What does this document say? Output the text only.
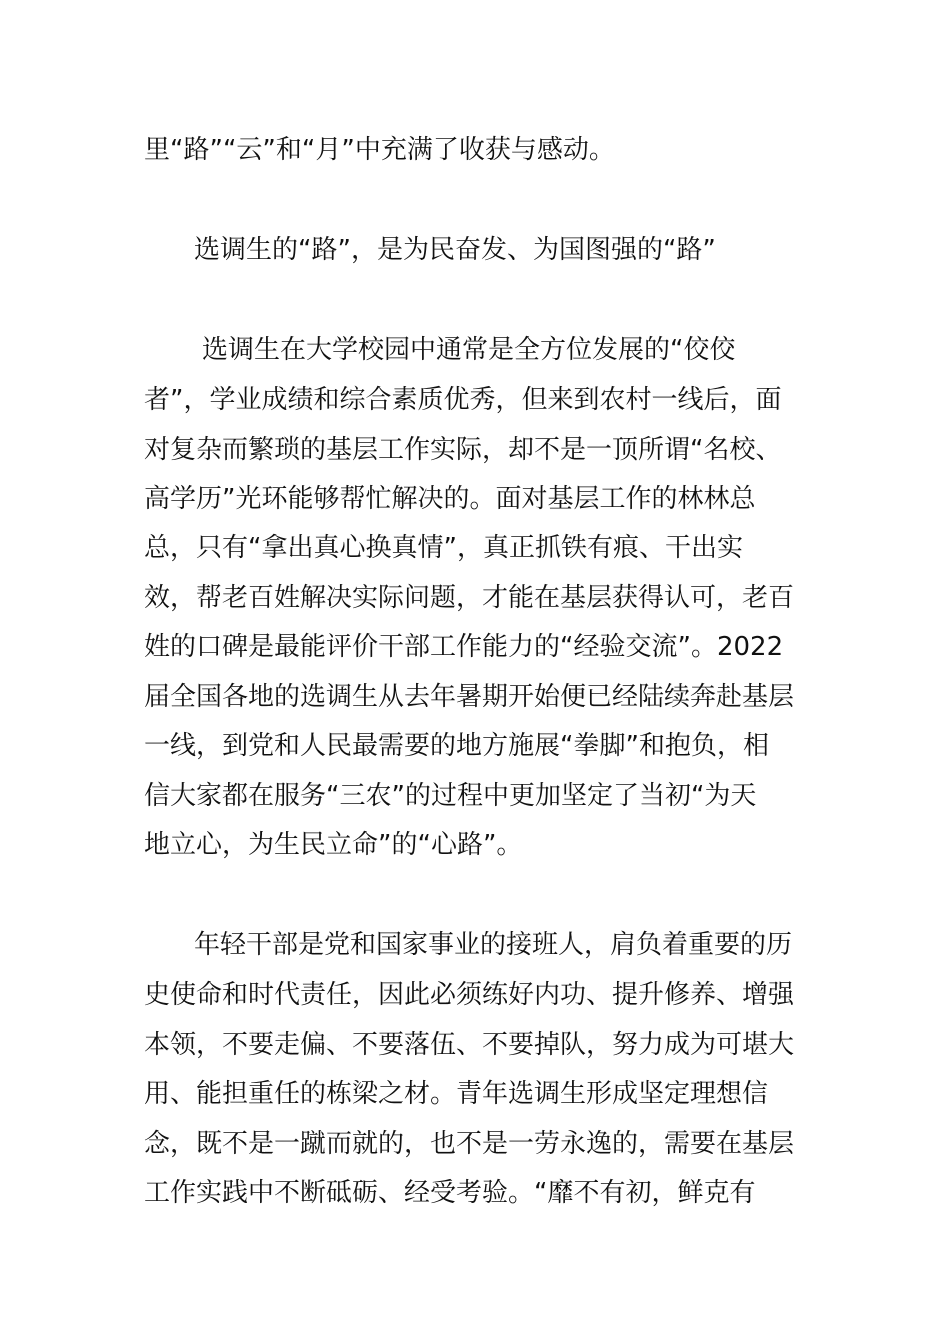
里“路”“云”和“月”中充满了收获与感动。
选调生的“路”，是为民奋发、为国图强的“路”
选调生在大学校园中通常是全方位发展的“佼佼
者”，学业成绩和综合素质优秀，但来到农村一线后，面
对复杂而繁琐的基层工作实际，却不是一顶所谓“名校、
高学历”光环能够帮忙解决的。面对基层工作的林林总
总，只有“拿出真心换真情”，真正抓铁有痕、干出实
效，帮老百姓解决实际问题，才能在基层获得认可，老百
姓的口碑是最能评价干部工作能力的“经验交流”。2022
届全国各地的选调生从去年暑期开始便已经陆续奔赴基层
一线，到党和人民最需要的地方施展“拳脚”和抱负，相
信大家都在服务“三农”的过程中更加坚定了当初“为天
地立心，为生民立命”的“心路”。
年轻干部是党和国家事业的接班人，肩负着重要的历
史使命和时代责任，因此必须练好内功、提升修养、增强
本领，不要走偏、不要落伍、不要掉队，努力成为可堪大
用、能担重任的栋梁之材。青年选调生形成坚定理想信
念，既不是一蹴而就的，也不是一劳永逸的，需要在基层
工作实践中不断砥砺、经受考验。“靡不有初，鲜克有
